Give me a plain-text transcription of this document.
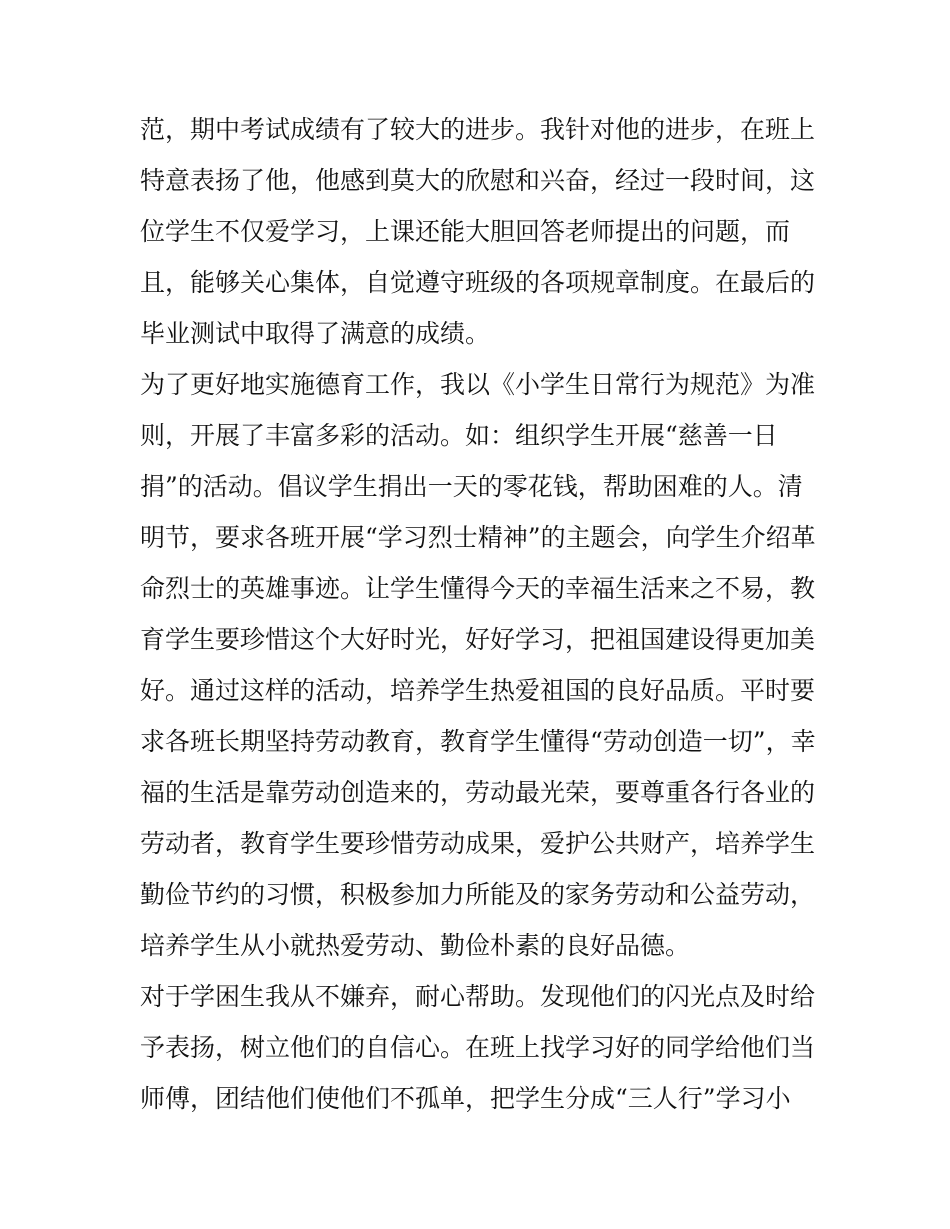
范，期中考试成绩有了较大的进步。我针对他的进步，在班上
特意表扬了他，他感到莫大的欣慰和兴奋，经过一段时间，这
位学生不仅爱学习，上课还能大胆回答老师提出的问题，而
且，能够关心集体，自觉遵守班级的各项规章制度。在最后的
毕业测试中取得了满意的成绩。
为了更好地实施德育工作，我以《小学生日常行为规范》为准
则，开展了丰富多彩的活动。如：组织学生开展“慈善一日
捐”的活动。倡议学生捐出一天的零花钱，帮助困难的人。清
明节，要求各班开展“学习烈士精神”的主题会，向学生介绍革
命烈士的英雄事迹。让学生懂得今天的幸福生活来之不易，教
育学生要珍惜这个大好时光，好好学习，把祖国建设得更加美
好。通过这样的活动，培养学生热爱祖国的良好品质。平时要
求各班长期坚持劳动教育，教育学生懂得“劳动创造一切”，幸
福的生活是靠劳动创造来的，劳动最光荣，要尊重各行各业的
劳动者，教育学生要珍惜劳动成果，爱护公共财产，培养学生
勤俭节约的习惯，积极参加力所能及的家务劳动和公益劳动，
培养学生从小就热爱劳动、勤俭朴素的良好品德。
对于学困生我从不嫌弃，耐心帮助。发现他们的闪光点及时给
予表扬，树立他们的自信心。在班上找学习好的同学给他们当
师傅，团结他们使他们不孤单，把学生分成“三人行”学习小
